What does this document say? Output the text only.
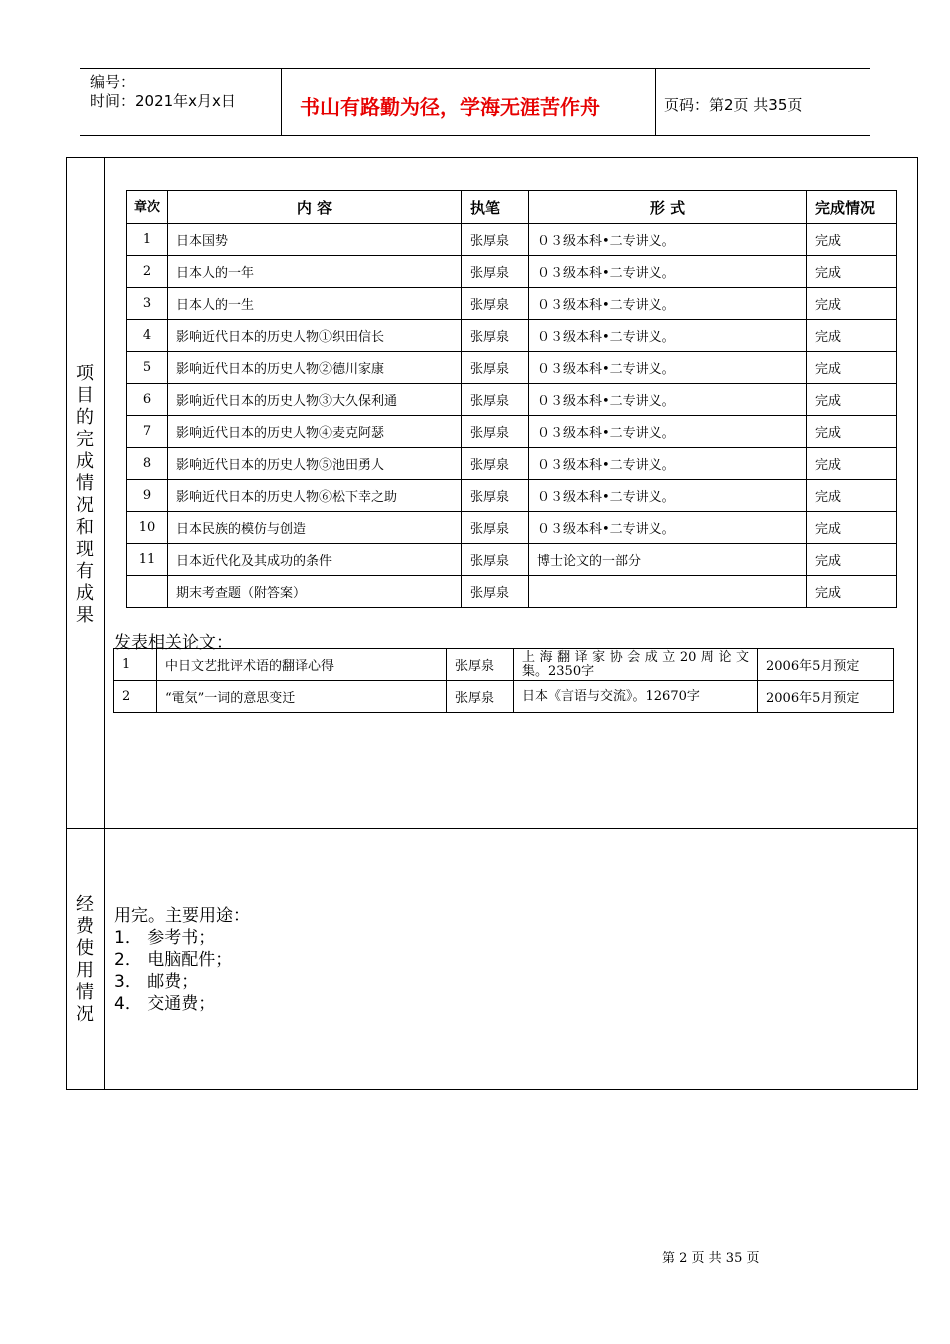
编号：
时间：2021年x月x日	书山有路勤为径，学海无涯苦作舟	页码：第2页 共35页
项
目
的
完
成
情
况
和
现
有
成
果
章次	内 容	执笔	形 式	完成情况
1	日本国势	张厚泉	０３级本科•二专讲义。	完成
2	日本人的一年	张厚泉	０３级本科•二专讲义。	完成
3	日本人的一生	张厚泉	０３级本科•二专讲义。	完成
4	影响近代日本的历史人物①织田信长	张厚泉	０３级本科•二专讲义。	完成
5	影响近代日本的历史人物②德川家康	张厚泉	０３级本科•二专讲义。	完成
6	影响近代日本的历史人物③大久保利通	张厚泉	０３级本科•二专讲义。	完成
7	影响近代日本的历史人物④麦克阿瑟	张厚泉	０３级本科•二专讲义。	完成
8	影响近代日本的历史人物⑤池田勇人	张厚泉	０３级本科•二专讲义。	完成
9	影响近代日本的历史人物⑥松下幸之助	张厚泉	０３级本科•二专讲义。	完成
10	日本民族的模仿与创造	张厚泉	０３级本科•二专讲义。	完成
11	日本近代化及其成功的条件	张厚泉	博士论文的一部分	完成
	期末考查题（附答案）	张厚泉		完成
发表相关论文：
1	中日文艺批评术语的翻译心得	张厚泉	上海翻译家协会成立20周论文
集。2350字	2006年5月预定
2	“電気”一词的意思变迁	张厚泉	日本《言语与交流》。12670字	2006年5月预定
经
费
使
用
情
况
用完。主要用途：
1． 参考书；
2． 电脑配件；
3． 邮费；
4． 交通费；
第 2 页 共 35 页
